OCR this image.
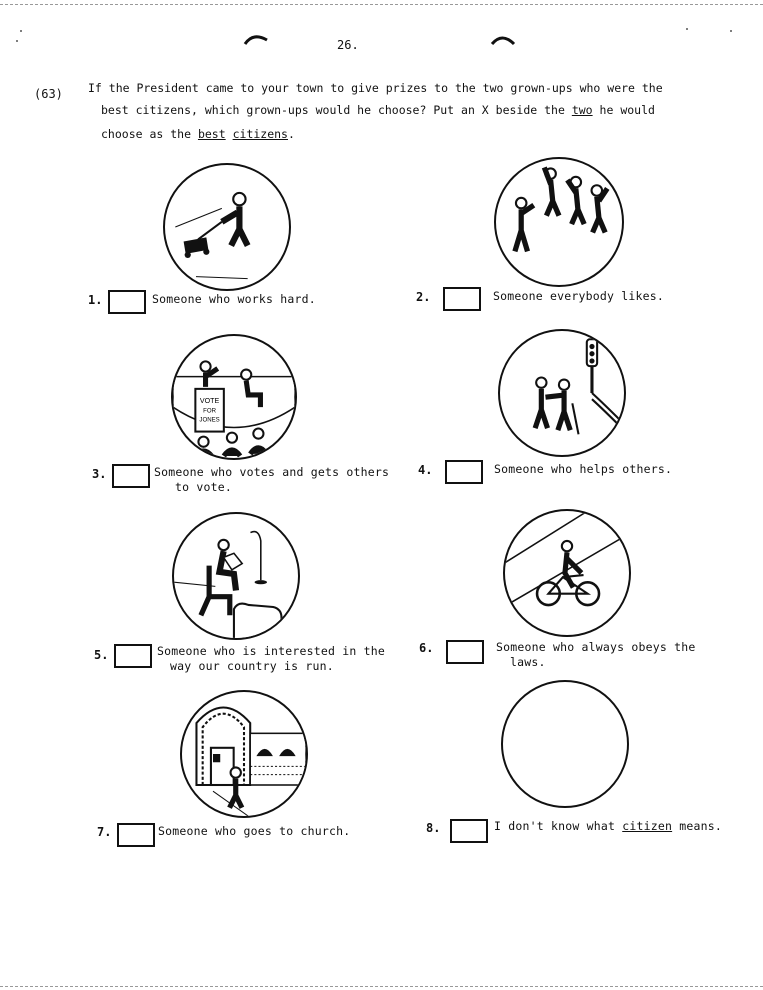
26.
(63) If the President came to your town to give prizes to the two grown-ups who were the
best citizens, which grown-ups would he choose? Put an X beside the two he would
choose as the best citizens.
1.	Someone who works hard.	2.	Someone everybody likes.
VOTE
FOR
JONES
3.	Someone who votes and gets others
to vote.
4.	Someone who helps others.
5.	Someone who is interested in the
way our country is run.
6.	Someone who always obeys the
laws.
7.	Someone who goes to church.	8.	I don't know what citizen means.
